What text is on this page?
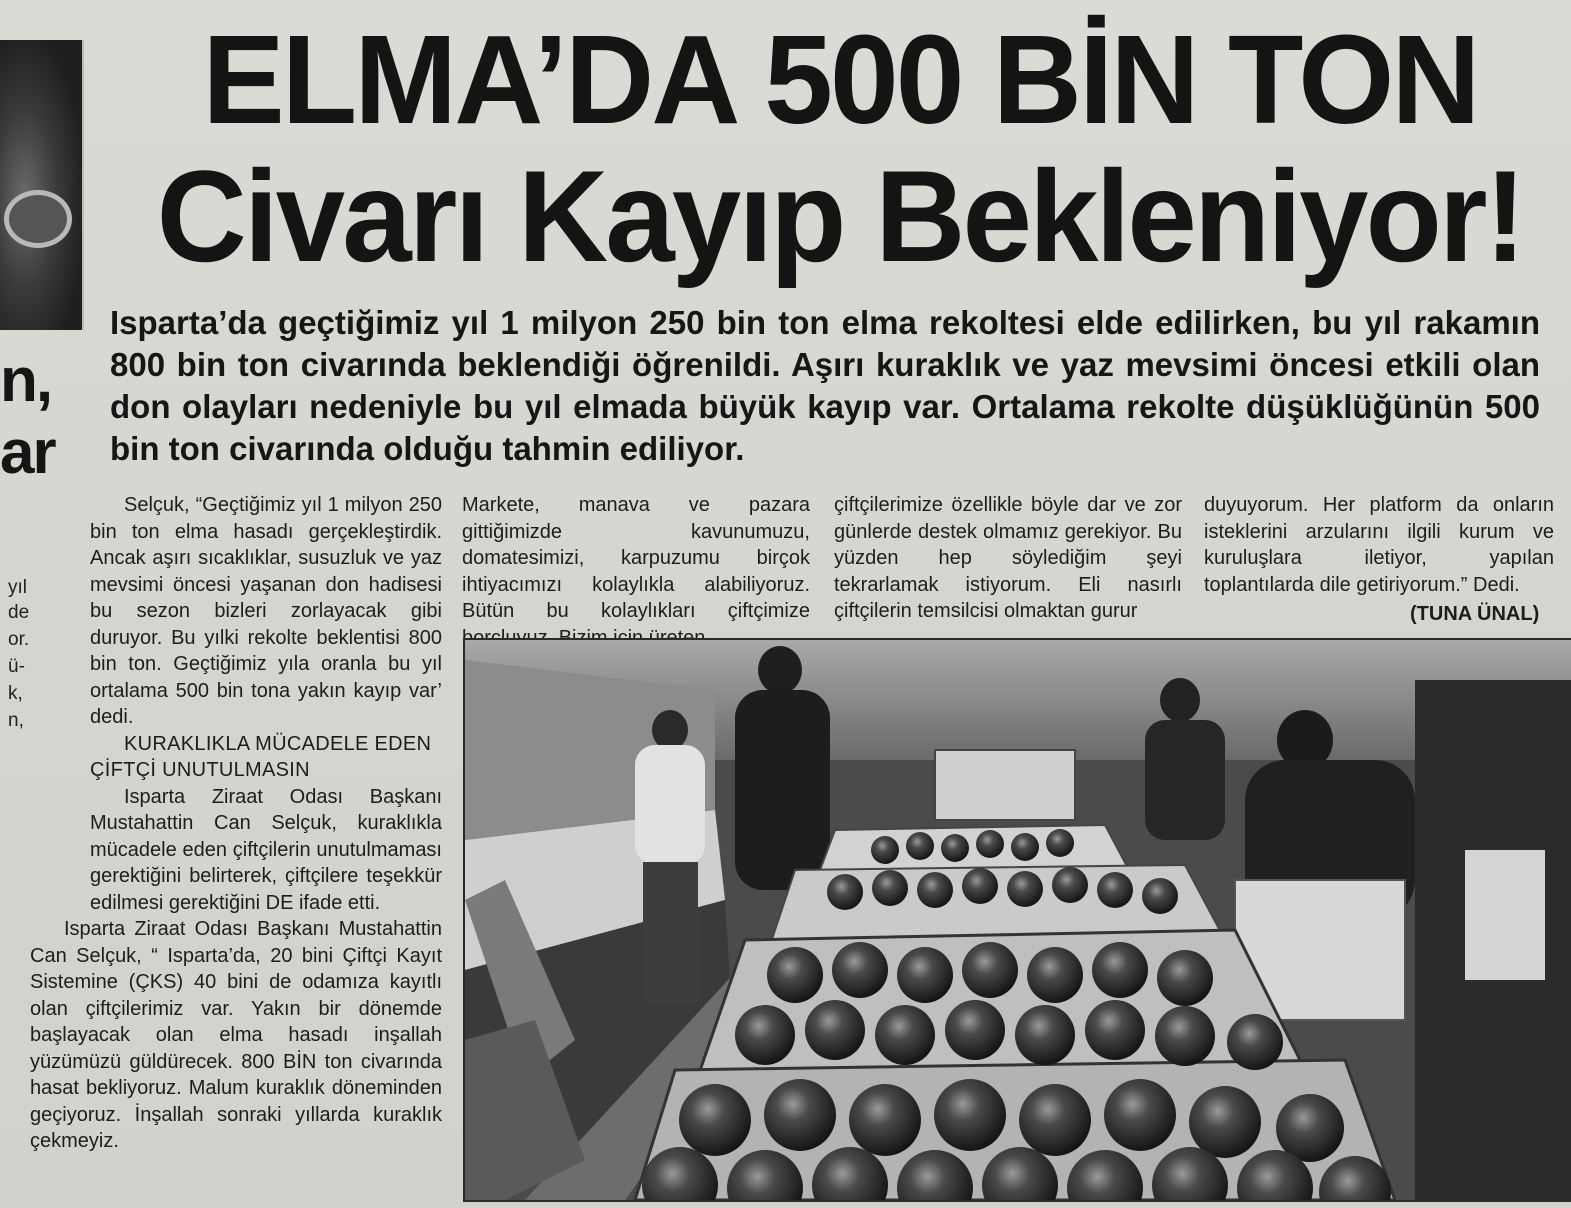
n,
ar
yıl
de
or.
ü-
k,
n,
ELMA’DA 500 BİN TON
Civarı Kayıp Bekleniyor!

Isparta’da geçtiğimiz yıl 1 milyon 250 bin ton elma rekoltesi elde edilirken, bu yıl rakamın 800 bin ton civarında beklendiği öğrenildi. Aşırı kuraklık ve yaz mevsimi öncesi etkili olan don olayları nedeniyle bu yıl elmada büyük kayıp var. Ortalama rekolte düşüklüğünün 500 bin ton civarında olduğu tahmin ediliyor.

Selçuk, “Geçtiğimiz yıl 1 milyon 250 bin ton elma hasadı gerçekleştirdik. Ancak aşırı sıcaklıklar, susuzluk ve yaz mevsimi öncesi yaşanan don hadisesi bu sezon bizleri zorlayacak gibi duruyor. Bu yılki rekolte beklentisi 800 bin ton. Geçtiğimiz yıla oranla bu yıl ortalama 500 bin tona yakın kayıp var’ dedi.

KURAKLIKLA MÜCADELE EDEN ÇİFTÇİ UNUTULMASIN

Isparta Ziraat Odası Başkanı Mustahattin Can Selçuk, kuraklıkla mücadele eden çiftçilerin unutulmaması gerektiğini belirterek, çiftçilere teşekkür edilmesi gerektiğini DE ifade etti.

Isparta Ziraat Odası Başkanı Mustahattin Can Selçuk, “ Isparta’da, 20 bini Çiftçi Kayıt Sistemine (ÇKS) 40 bini de odamıza kayıtlı olan çiftçilerimiz var. Yakın bir dönemde başlayacak olan elma hasadı inşallah yüzümüzü güldürecek. 800 BİN ton civarında hasat bekliyoruz. Malum kuraklık döneminden geçiyoruz. İnşallah sonraki yıllarda kuraklık çekmeyiz.

Markete, manava ve pazara gittiğimizde kavunumuzu, domatesimizi, karpuzumu birçok ihtiyacımızı kolaylıkla alabiliyoruz. Bütün bu kolaylıkları çiftçimize

çiftçilerimize özellikle böyle dar ve zor günlerde destek olmamız gerekiyor. Bu yüzden hep söylediğim şeyi tekrarlamak istiyorum. Eli nasırlı çiftçilerin temsilcisi olmaktan gurur

duyuyorum. Her platform da onların isteklerini arzularını ilgili kurum ve kuruluşlara iletiyor, yapılan toplantılarda dile getiriyorum.” Dedi.

(TUNA ÜNAL)
